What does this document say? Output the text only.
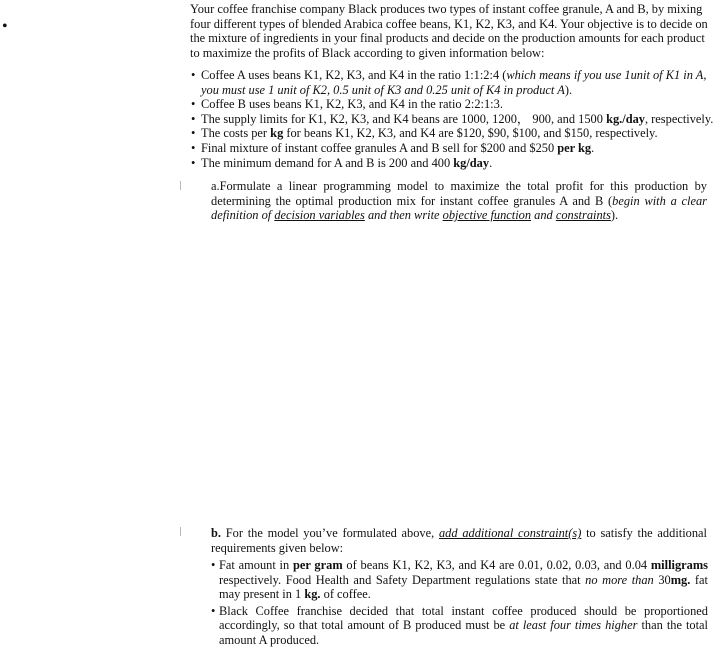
•

Your coffee franchise company Black produces two types of instant coffee granule, A and B, by mixing four different types of blended Arabica coffee beans, K1, K2, K3, and K4. Your objective is to decide on the mixture of ingredients in your final products and decide on the production amounts for each product to maximize the profits of Black according to given information below:

• Coffee A uses beans K1, K2, K3, and K4 in the ratio 1:1:2:4 (which means if you use 1unit of K1 in A, you must use 1 unit of K2, 0.5 unit of K3 and 0.25 unit of K4 in product A).
• Coffee B uses beans K1, K2, K3, and K4 in the ratio 2:2:1:3.
• The supply limits for K1, K2, K3, and K4 beans are 1000, 1200， 900, and 1500 kg./day, respectively.
• The costs per kg for beans K1, K2, K3, and K4 are $120, $90, $100, and $150, respectively.
• Final mixture of instant coffee granules A and B sell for $200 and $250 per kg.
• The minimum demand for A and B is 200 and 400 kg/day.

a.Formulate a linear programming model to maximize the total profit for this production by determining the optimal production mix for instant coffee granules A and B (begin with a clear definition of decision variables and then write objective function and constraints).

b. For the model you’ve formulated above, add additional constraint(s) to satisfy the additional requirements given below:

• Fat amount in per gram of beans K1, K2, K3, and K4 are 0.01, 0.02, 0.03, and 0.04 milligrams respectively. Food Health and Safety Department regulations state that no more than 30mg. fat may present in 1 kg. of coffee.
• Black Coffee franchise decided that total instant coffee produced should be proportioned accordingly, so that total amount of B produced must be at least four times higher than the total amount A produced.
